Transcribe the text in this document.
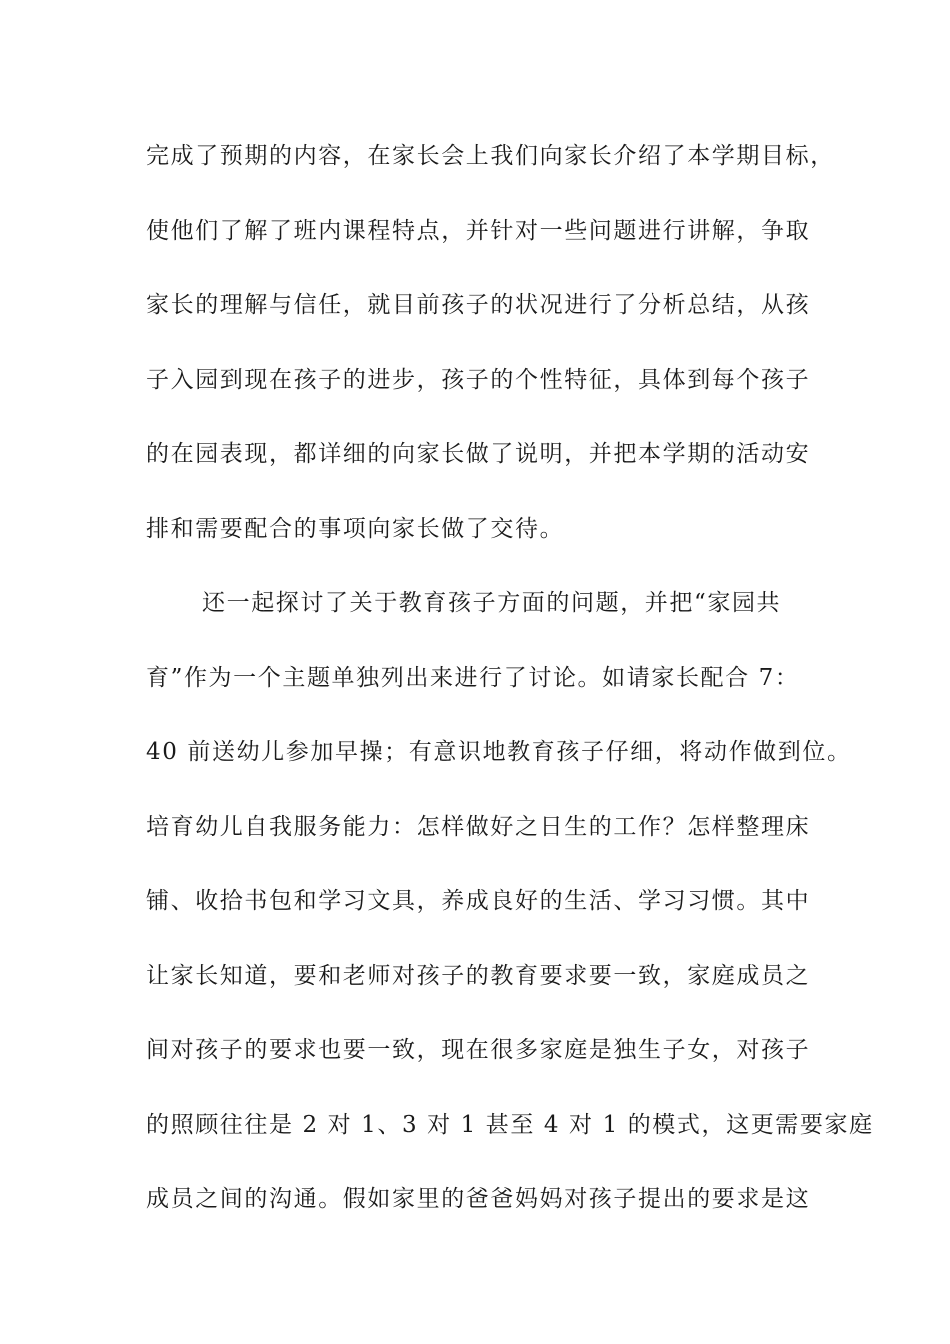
完成了预期的内容，在家长会上我们向家长介绍了本学期目标，
使他们了解了班内课程特点，并针对一些问题进行讲解，争取
家长的理解与信任，就目前孩子的状况进行了分析总结，从孩
子入园到现在孩子的进步，孩子的个性特征，具体到每个孩子
的在园表现，都详细的向家长做了说明，并把本学期的活动安
排和需要配合的事项向家长做了交待。
还一起探讨了关于教育孩子方面的问题，并把“家园共
育”作为一个主题单独列出来进行了讨论。如请家长配合 7：
40 前送幼儿参加早操；有意识地教育孩子仔细，将动作做到位。
培育幼儿自我服务能力：怎样做好之日生的工作？怎样整理床
铺、收拾书包和学习文具，养成良好的生活、学习习惯。其中
让家长知道，要和老师对孩子的教育要求要一致，家庭成员之
间对孩子的要求也要一致，现在很多家庭是独生子女，对孩子
的照顾往往是 2 对 1、3 对 1 甚至 4 对 1 的模式，这更需要家庭
成员之间的沟通。假如家里的爸爸妈妈对孩子提出的要求是这
